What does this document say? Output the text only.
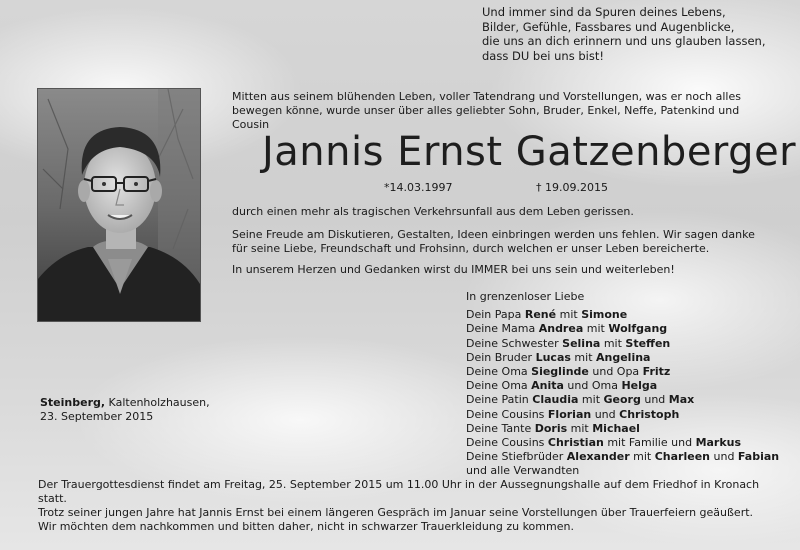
Und immer sind da Spuren deines Lebens,

Bilder, Gefühle, Fassbares und Augenblicke,

die uns an dich erinnern und uns glauben lassen,

dass DU bei uns bist!

Mitten aus seinem blühenden Leben, voller Tatendrang und Vorstellungen, was er noch alles bewegen könne, wurde unser über alles geliebter Sohn, Bruder, Enkel, Neffe, Patenkind und Cousin
Jannis Ernst Gatzenberger
*14.03.1997	† 19.09.2015
durch einen mehr als tragischen Verkehrsunfall aus dem Leben gerissen.
Seine Freude am Diskutieren, Gestalten, Ideen einbringen werden uns fehlen. Wir sagen danke für seine Liebe, Freundschaft und Frohsinn, durch welchen er unser Leben bereicherte.
In unserem Herzen und Gedanken wirst du IMMER bei uns sein und weiterleben!

In grenzenloser Liebe

Dein Papa René mit Simone

Deine Mama Andrea mit Wolfgang

Deine Schwester Selina mit Steffen

Dein Bruder Lucas mit Angelina

Deine Oma Sieglinde und Opa Fritz

Deine Oma Anita und Oma Helga

Deine Patin Claudia mit Georg und Max

Deine Cousins Florian und Christoph

Deine Tante Doris mit Michael

Deine Cousins Christian mit Familie und Markus

Deine Stiefbrüder Alexander mit Charleen und Fabian

und alle Verwandten

Steinberg, Kaltenholzhausen,

23. September 2015

Der Trauergottesdienst findet am Freitag, 25. September 2015 um 11.00 Uhr in der Aussegnungshalle auf dem Friedhof in Kronach statt.

Trotz seiner jungen Jahre hat Jannis Ernst bei einem längeren Gespräch im Januar seine Vorstellungen über Trauerfeiern geäußert.

Wir möchten dem nachkommen und bitten daher, nicht in schwarzer Trauerkleidung zu kommen.
